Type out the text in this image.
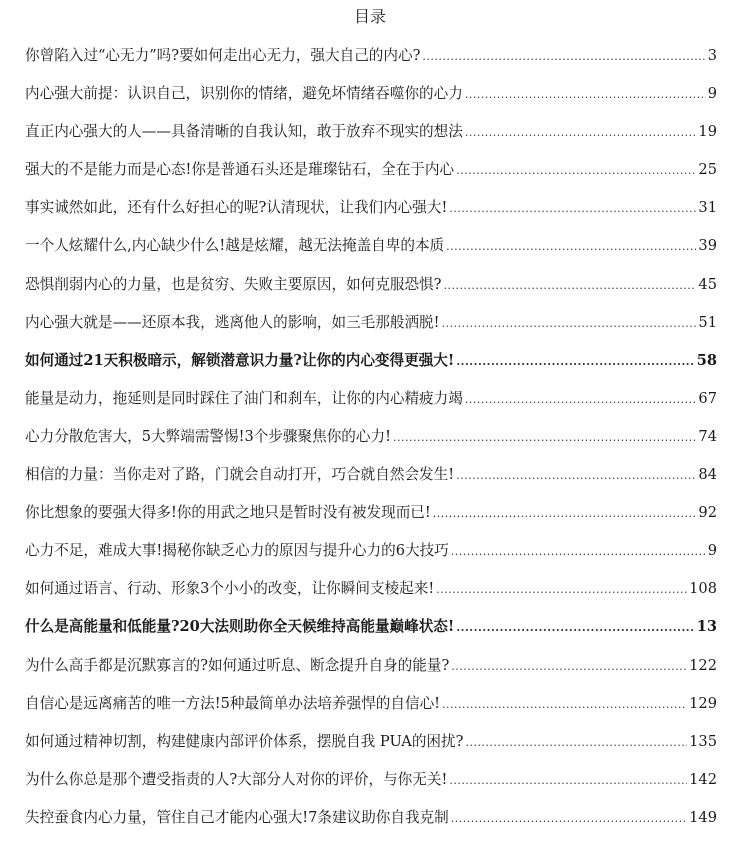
目录
你曾陷入过“心无力”吗?要如何走出心无力，强大自己的内心? .....	3
内心强大前提：认识自己，识别你的情绪，避免坏情绪吞噬你的心力 .....	9
直正内心强大的人——具备清晰的自我认知，敢于放弃不现实的想法 .....	19
强大的不是能力而是心态!你是普通石头还是璀璨钻石，全在于内心 .....	25
事实诚然如此，还有什么好担心的呢?认清现状，让我们内心强大! .....	31
一个人炫耀什么,内心缺少什么!越是炫耀，越无法掩盖自卑的本质 .....	39
恐惧削弱内心的力量，也是贫穷、失败主要原因，如何克服恐惧? .....	45
内心强大就是——还原本我，逃离他人的影响，如三毛那般洒脱! .....	51
如何通过21天积极暗示，解锁潜意识力量?让你的内心变得更强大! .....	58
能量是动力，拖延则是同时踩住了油门和刹车，让你的内心精疲力竭 .....	67
心力分散危害大，5大弊端需警惕!3个步骤聚焦你的心力! .....	74
相信的力量：当你走对了路，门就会自动打开，巧合就自然会发生! .....	84
你比想象的要强大得多!你的用武之地只是暂时没有被发现而已! .....	92
心力不足，难成大事!揭秘你缺乏心力的原因与提升心力的6大技巧 .....	9
如何通过语言、行动、形象3个小小的改变，让你瞬间支棱起来! .....	108
什么是高能量和低能量?20大法则助你全天候维持高能量巅峰状态! .....	13
为什么高手都是沉默寡言的?如何通过听息、断念提升自身的能量? .....	122
自信心是远离痛苦的唯一方法!5种最简单办法培养强悍的自信心! .....	129
如何通过精神切割，构建健康内部评价体系，摆脱自我 PUA的困扰? .....	135
为什么你总是那个遭受指责的人?大部分人对你的评价，与你无关! .....	142
失控蚕食内心力量，管住自己才能内心强大!7条建议助你自我克制 .....	149
